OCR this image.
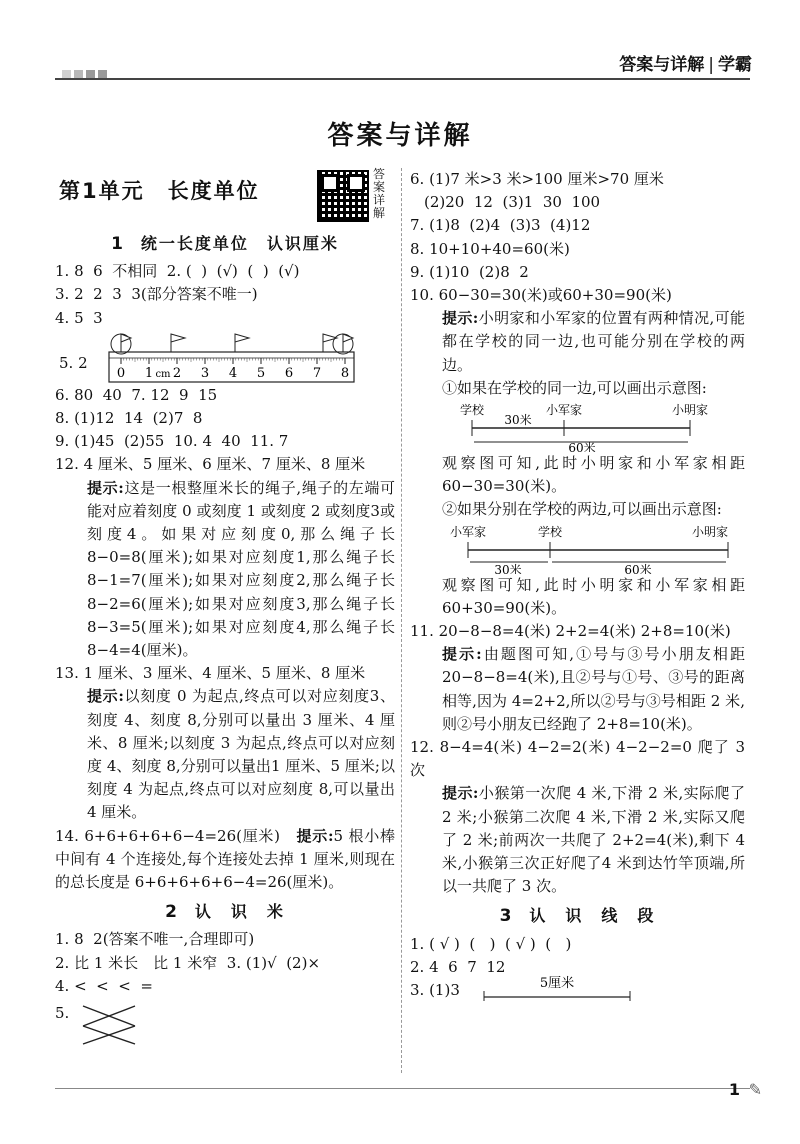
答案与详解 | 学霸
答案与详解
第1单元　长度单位
答案详解
1 统一长度单位　认识厘米
1. 8  6  不相同  2. (  )  (√)  (  )  (√)
3. 2  2  3  3(部分答案不唯一)
4. 5  3
5. 2
0 1 2 3 4 5 6 7 8
cm
6. 80  40  7. 12  9  15
8. (1)12  14  (2)7  8
9. (1)45  (2)55  10. 4  40  11. 7
12. 4 厘米、5 厘米、6 厘米、7 厘米、8 厘米
提示:这是一根整厘米长的绳子,绳子的左端可能对应着刻度 0 或刻度 1 或刻度 2 或刻度3或刻度4。如果对应刻度0,那么绳子长 8−0=8(厘米);如果对应刻度1,那么绳子长 8−1=7(厘米);如果对应刻度2,那么绳子长 8−2=6(厘米);如果对应刻度3,那么绳子长 8−3=5(厘米);如果对应刻度4,那么绳子长 8−4=4(厘米)。
13. 1 厘米、3 厘米、4 厘米、5 厘米、8 厘米
提示:以刻度 0 为起点,终点可以对应刻度3、刻度 4、刻度 8,分别可以量出 3 厘米、4 厘米、8 厘米;以刻度 3 为起点,终点可以对应刻度 4、刻度 8,分别可以量出1 厘米、5 厘米;以刻度 4 为起点,终点可以对应刻度 8,可以量出 4 厘米。
14. 6+6+6+6+6−4=26(厘米)　 提示:5 根小棒中间有 4 个连接处,每个连接处去掉 1 厘米,则现在的总长度是 6+6+6+6+6−4=26(厘米)。
2 认　识　米
1. 8  2(答案不唯一,合理即可)
2. 比 1 米长　比 1 米窄  3. (1)√  (2)×
4. <  <  <  =
5.
6. (1)7 米>3 米>100 厘米>70 厘米
(2)20  12  (3)1  30  100
7. (1)8  (2)4  (3)3  (4)12
8. 10+10+40=60(米)
9. (1)10  (2)8  2
10. 60−30=30(米)或60+30=90(米)
提示:小明家和小军家的位置有两种情况,可能都在学校的同一边,也可能分别在学校的两边。
①如果在学校的同一边,可以画出示意图:
学校
30米
小军家	小明家
60米
观察图可知,此时小明家和小军家相距 60−30=30(米)。
②如果分别在学校的两边,可以画出示意图:
小军家	学校	小明家
30米	60米
观察图可知,此时小明家和小军家相距 60+30=90(米)。
11. 20−8−8=4(米) 2+2=4(米) 2+8=10(米)
提示:由题图可知,①号与③号小朋友相距 20−8−8=4(米),且②号与①号、③号的距离相等,因为 4=2+2,所以②号与③号相距 2 米,则②号小朋友已经跑了 2+8=10(米)。
12. 8−4=4(米) 4−2=2(米) 4−2−2=0 爬了 3 次
提示:小猴第一次爬 4 米,下滑 2 米,实际爬了 2 米;小猴第二次爬 4 米,下滑 2 米,实际又爬了 2 米;前两次一共爬了 2+2=4(米),剩下 4 米,小猴第三次正好爬了4 米到达竹竿顶端,所以一共爬了 3 次。
3 认　识　线　段
1. ( √ )  (   )  ( √ )  (   )
2. 4  6  7  12
3. (1)3	5厘米
1 ✎
